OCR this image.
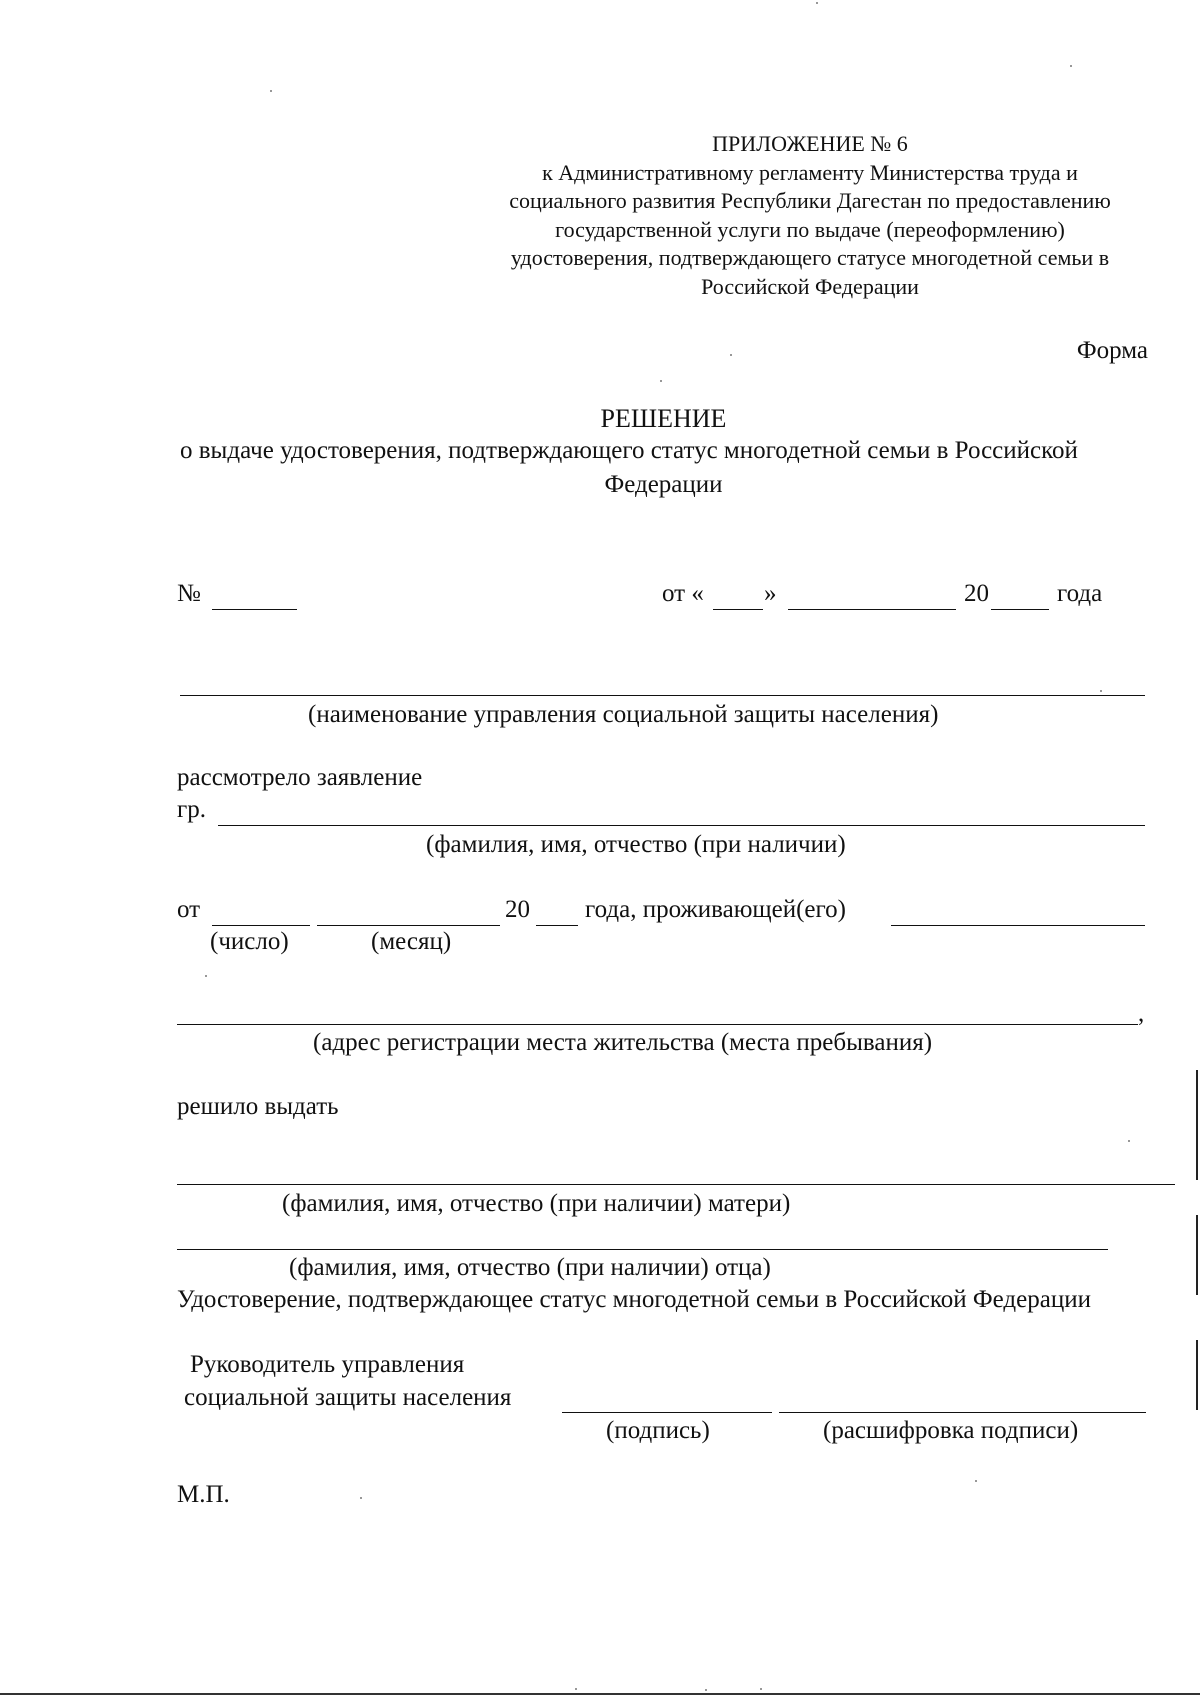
ПРИЛОЖЕНИЕ № 6
к Административному регламенту Министерства труда и
социального развития Республики Дагестан по предоставлению
государственной услуги по выдаче (переоформлению)
удостоверения, подтверждающего статусе многодетной семьи в
Российской Федерации
Форма
РЕШЕНИЕ
о выдаче удостоверения, подтверждающего статус многодетной семьи в Российской
Федерации
№	от « »	20	года
(наименование управления социальной защиты населения)
рассмотрело заявление
гр.
(фамилия, имя, отчество (при наличии)
от	20 года, проживающей(его)
(число)	(месяц)
,
(адрес регистрации места жительства (места пребывания)
решило выдать
(фамилия, имя, отчество (при наличии) матери)
(фамилия, имя, отчество (при наличии) отца)
Удостоверение, подтверждающее статус многодетной семьи в Российской Федерации
Руководитель управления
социальной защиты населения
(подпись)	(расшифровка подписи)
М.П.
